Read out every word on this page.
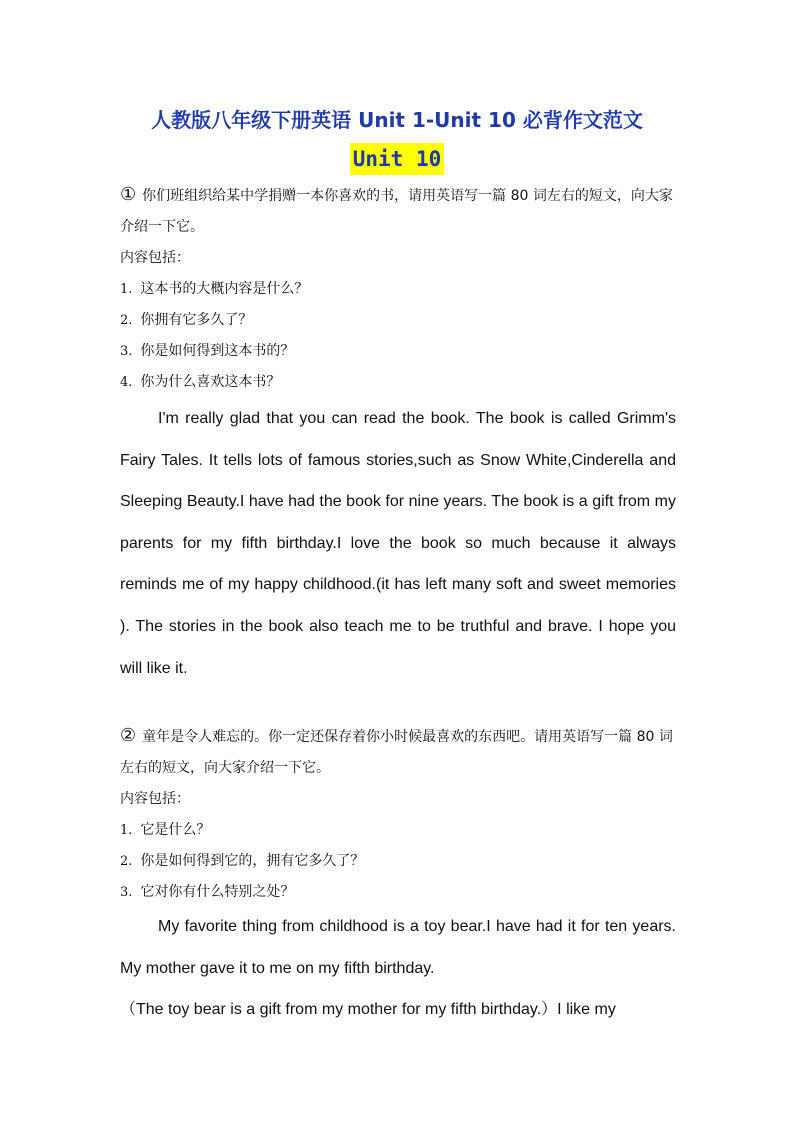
人教版八年级下册英语 Unit 1-Unit 10 必背作文范文
Unit 10

① 你们班组织给某中学捐赠一本你喜欢的书，请用英语写一篇 80 词左右的短文，向大家介绍一下它。

内容包括：

1. 这本书的大概内容是什么？

2. 你拥有它多久了？

3. 你是如何得到这本书的？

4. 你为什么喜欢这本书？

I'm really glad that you can read the book. The book is called Grimm's Fairy Tales. It tells lots of famous stories,such as Snow White,Cinderella and Sleeping Beauty.I have had the book for nine years. The book is a gift from my parents for my fifth birthday.I love the book so much because it always reminds me of my happy childhood.(it has left many soft and sweet memories ). The stories in the book also teach me to be truthful and brave. I hope you will like it.

② 童年是令人难忘的。你一定还保存着你小时候最喜欢的东西吧。请用英语写一篇 80 词左右的短文，向大家介绍一下它。

内容包括：

1. 它是什么？

2. 你是如何得到它的，拥有它多久了？

3. 它对你有什么特别之处？

My favorite thing from childhood is a toy bear.I have had it for ten years. My mother gave it to me on my fifth birthday.

（The toy bear is a gift from my mother for my fifth birthday.）I like my
